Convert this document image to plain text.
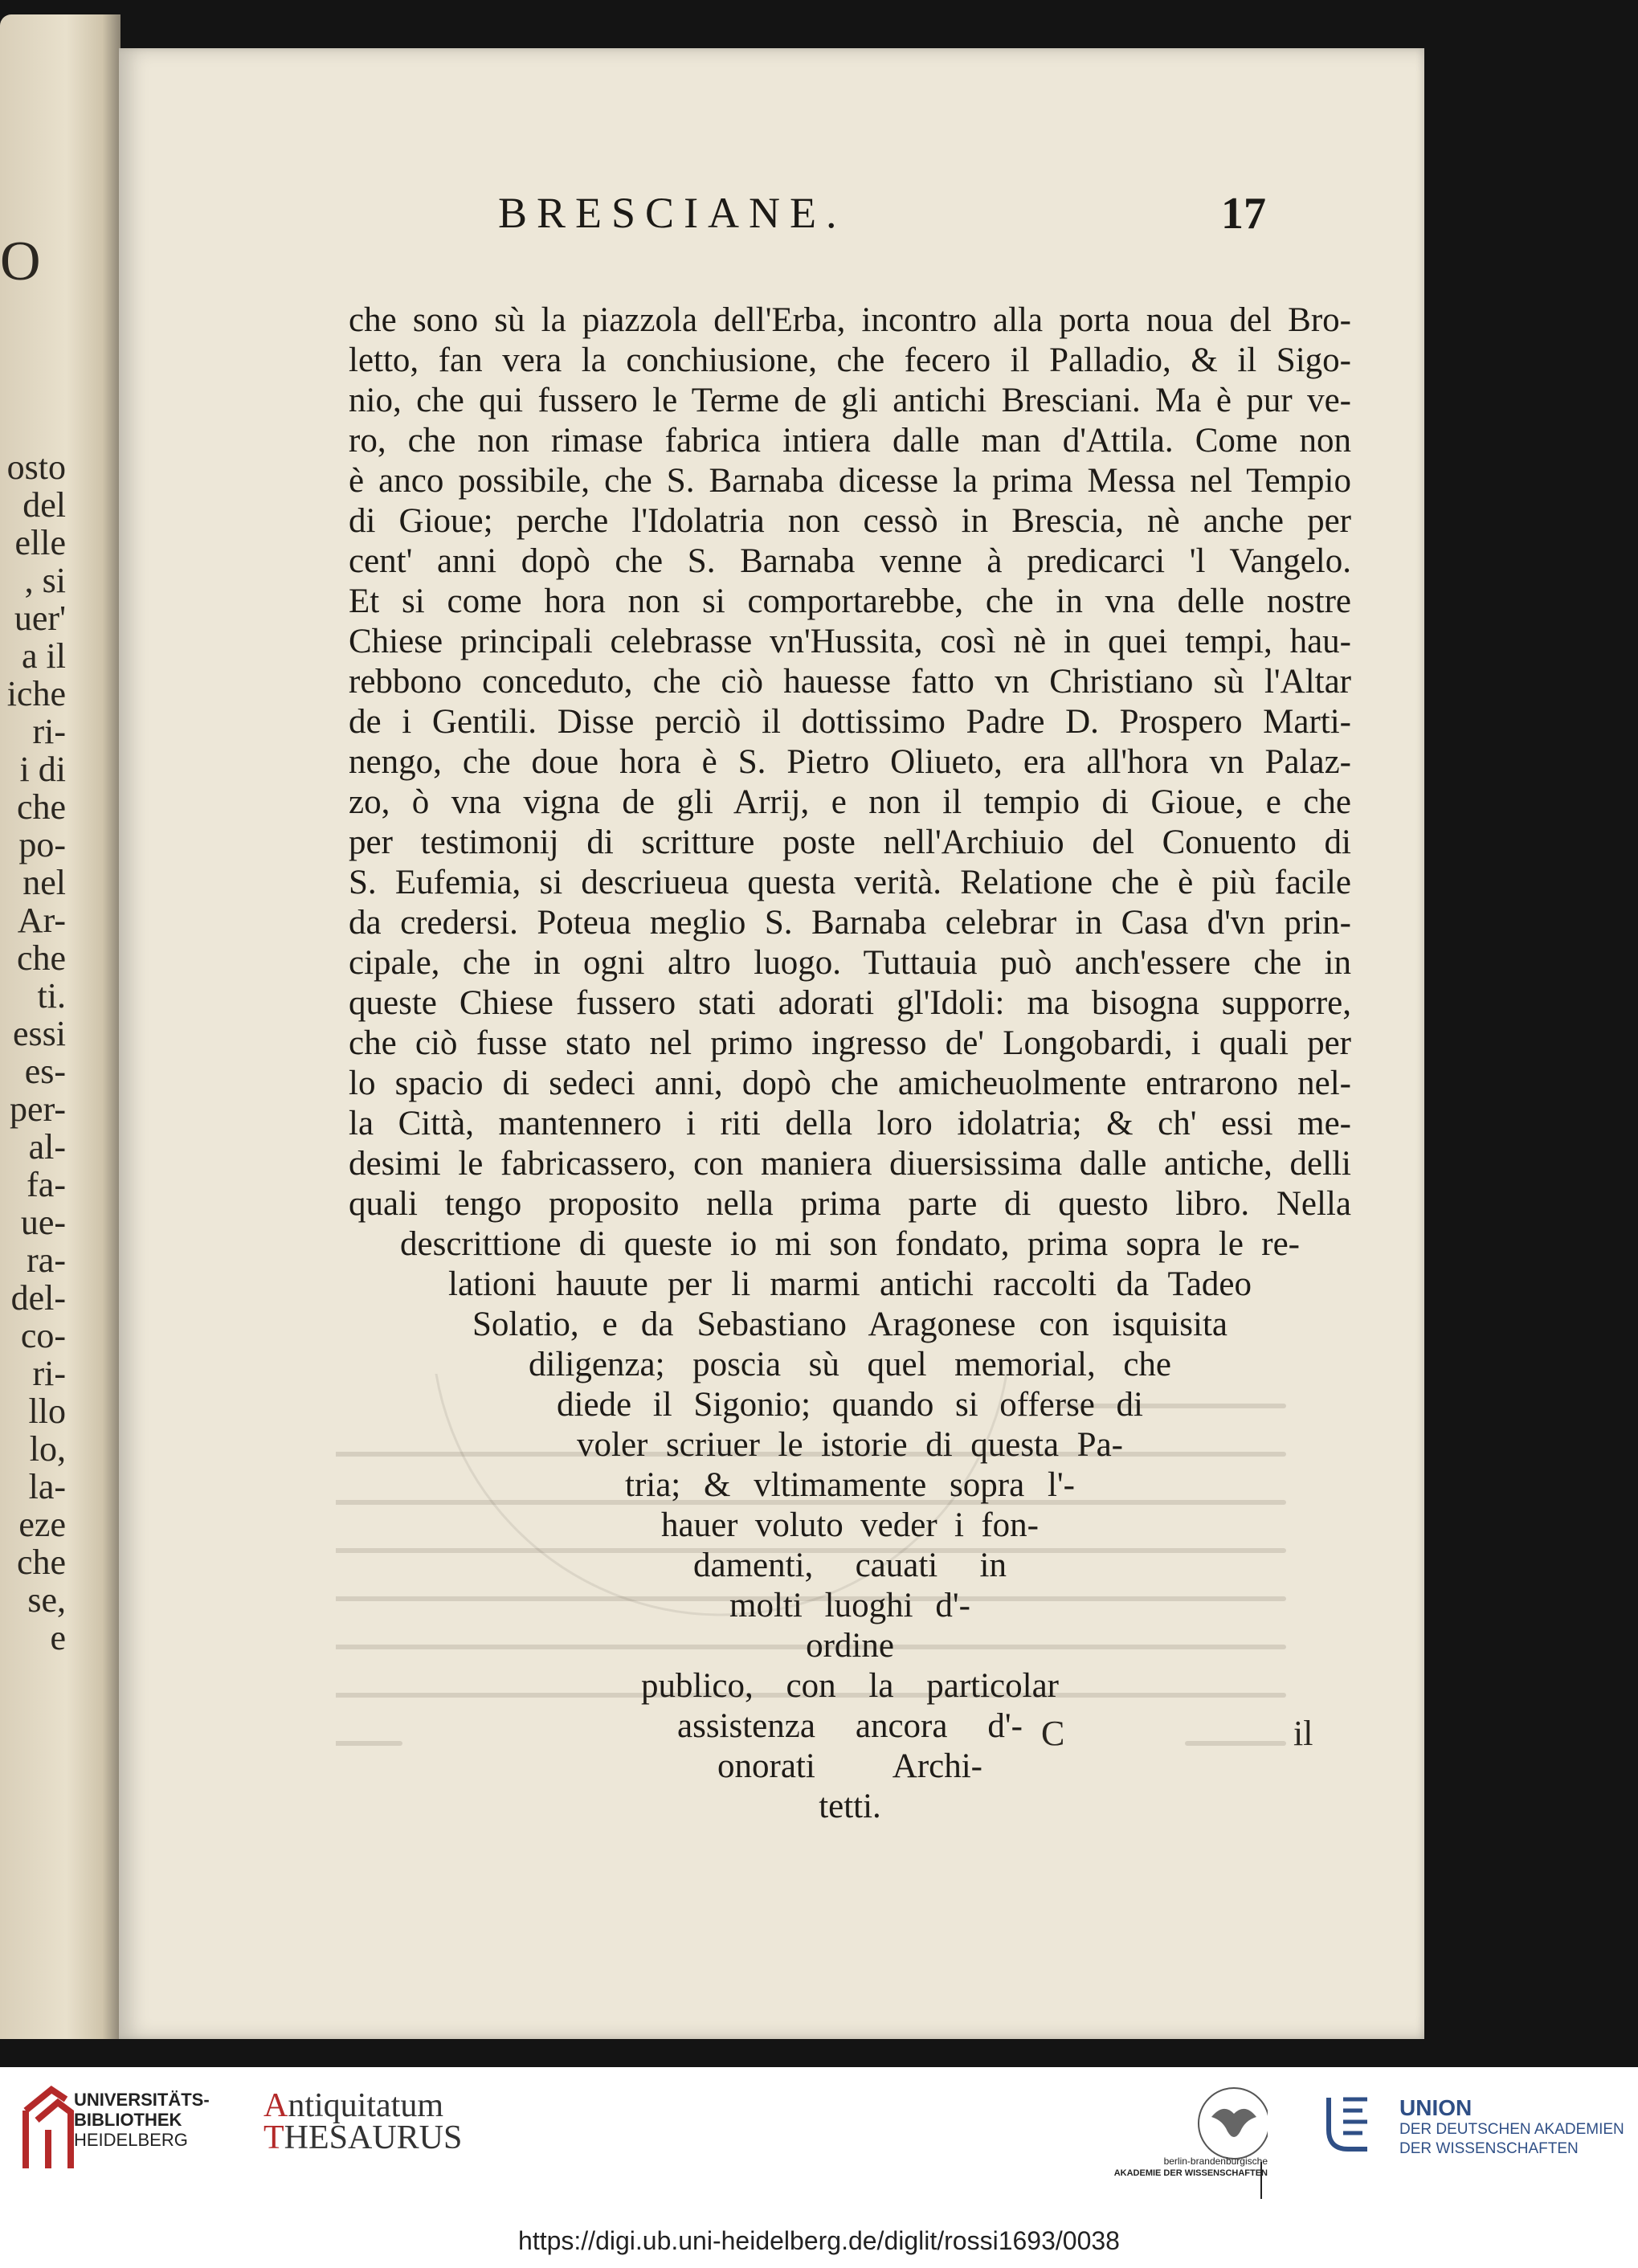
O
osto
del
elle
, si
uer'
a il
iche
ri-
i di
che
po-
nel
Ar-
che
ti.
essi
es-
per-
al-
fa-
ue-
ra-
del-
co-
ri-
llo
lo,
la-
eze
che
se,
e
BRESCIANE.	17
che sono sù la piazzola dell'Erba, incontro alla porta noua del Bro-
letto, fan vera la conchiusione, che fecero il Palladio, & il Sigo-
nio, che qui fussero le Terme de gli antichi Bresciani. Ma è pur ve-
ro, che non rimase fabrica intiera dalle man d'Attila. Come non
è anco possibile, che S. Barnaba dicesse la prima Messa nel Tempio
di Gioue; perche l'Idolatria non cessò in Brescia, nè anche per
cent' anni dopò che S. Barnaba venne à predicarci 'l Vangelo.
Et si come hora non si comportarebbe, che in vna delle nostre
Chiese principali celebrasse vn'Hussita, così nè in quei tempi, hau-
rebbono conceduto, che ciò hauesse fatto vn Christiano sù l'Altar
de i Gentili. Disse perciò il dottissimo Padre D. Prospero Marti-
nengo, che doue hora è S. Pietro Oliueto, era all'hora vn Palaz-
zo, ò vna vigna de gli Arrij, e non il tempio di Gioue, e che
per testimonij di scritture poste nell'Archiuio del Conuento di
S. Eufemia, si descriueua questa verità. Relatione che è più facile
da credersi. Poteua meglio S. Barnaba celebrar in Casa d'vn prin-
cipale, che in ogni altro luogo. Tuttauia può anch'essere che in
queste Chiese fussero stati adorati gl'Idoli: ma bisogna supporre,
che ciò fusse stato nel primo ingresso de' Longobardi, i quali per
lo spacio di sedeci anni, dopò che amicheuolmente entrarono nel-
la Città, mantennero i riti della loro idolatria; & ch' essi me-
desimi le fabricassero, con maniera diuersissima dalle antiche, delli
quali tengo proposito nella prima parte di questo libro. Nella
descrittione di queste io mi son fondato, prima sopra le re-
lationi hauute per li marmi antichi raccolti da Tadeo
Solatio, e da Sebastiano Aragonese con isquisita
diligenza; poscia sù quel memorial, che
diede il Sigonio; quando si offerse di
voler scriuer le istorie di questa Pa-
tria; & vltimamente sopra l'-
hauer voluto veder i fon-
damenti, cauati in
molti luoghi d'-
ordine
publico, con la particolar
assistenza ancora d'-
onorati Archi-
tetti.
C	il
UNIVERSITÄTS-
BIBLIOTHEK
HEIDELBERG
Antiquitatum
THESAURUS
berlin-brandenburgische
AKADEMIE DER WISSENSCHAFTEN
UNION
DER DEUTSCHEN AKADEMIEN
DER WISSENSCHAFTEN
https://digi.ub.uni-heidelberg.de/diglit/rossi1693/0038
